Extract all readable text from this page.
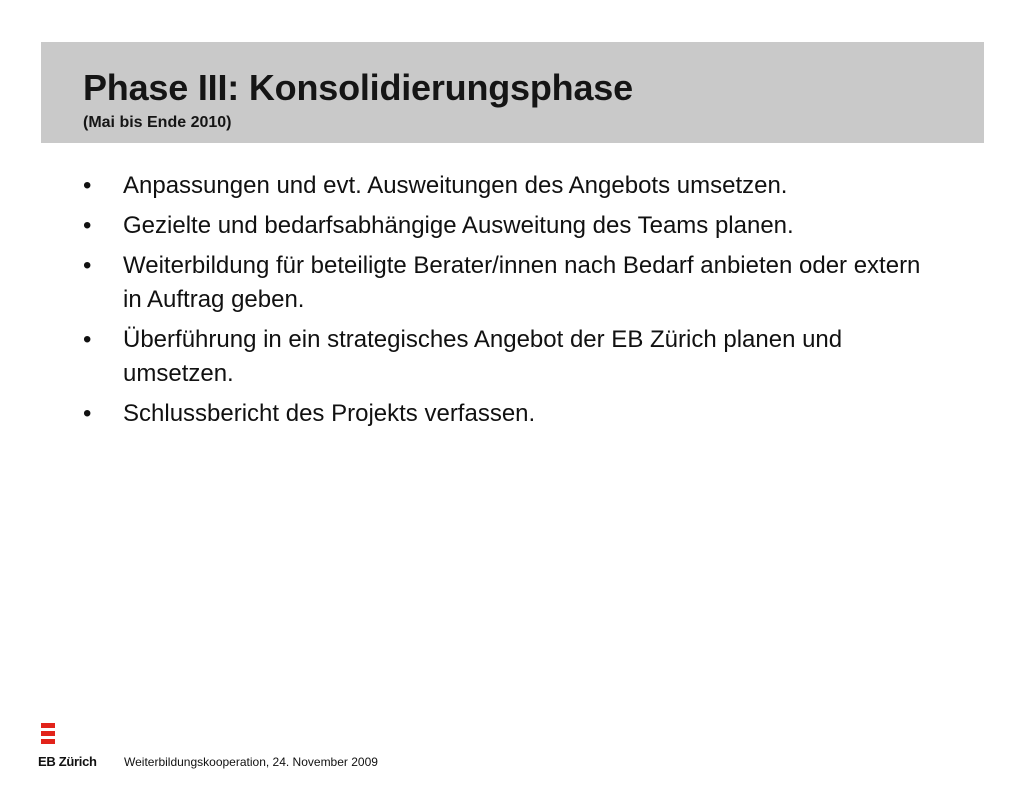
Phase III: Konsolidierungsphase
(Mai bis Ende 2010)
• Anpassungen und evt. Ausweitungen des Angebots umsetzen.
• Gezielte und bedarfsabhängige Ausweitung des Teams planen.
• Weiterbildung für beteiligte Berater/innen nach Bedarf anbieten oder extern in Auftrag geben.
• Überführung in ein strategisches Angebot der EB Zürich planen und umsetzen.
• Schlussbericht des Projekts verfassen.
EB Zürich Weiterbildungskooperation, 24. November 2009
